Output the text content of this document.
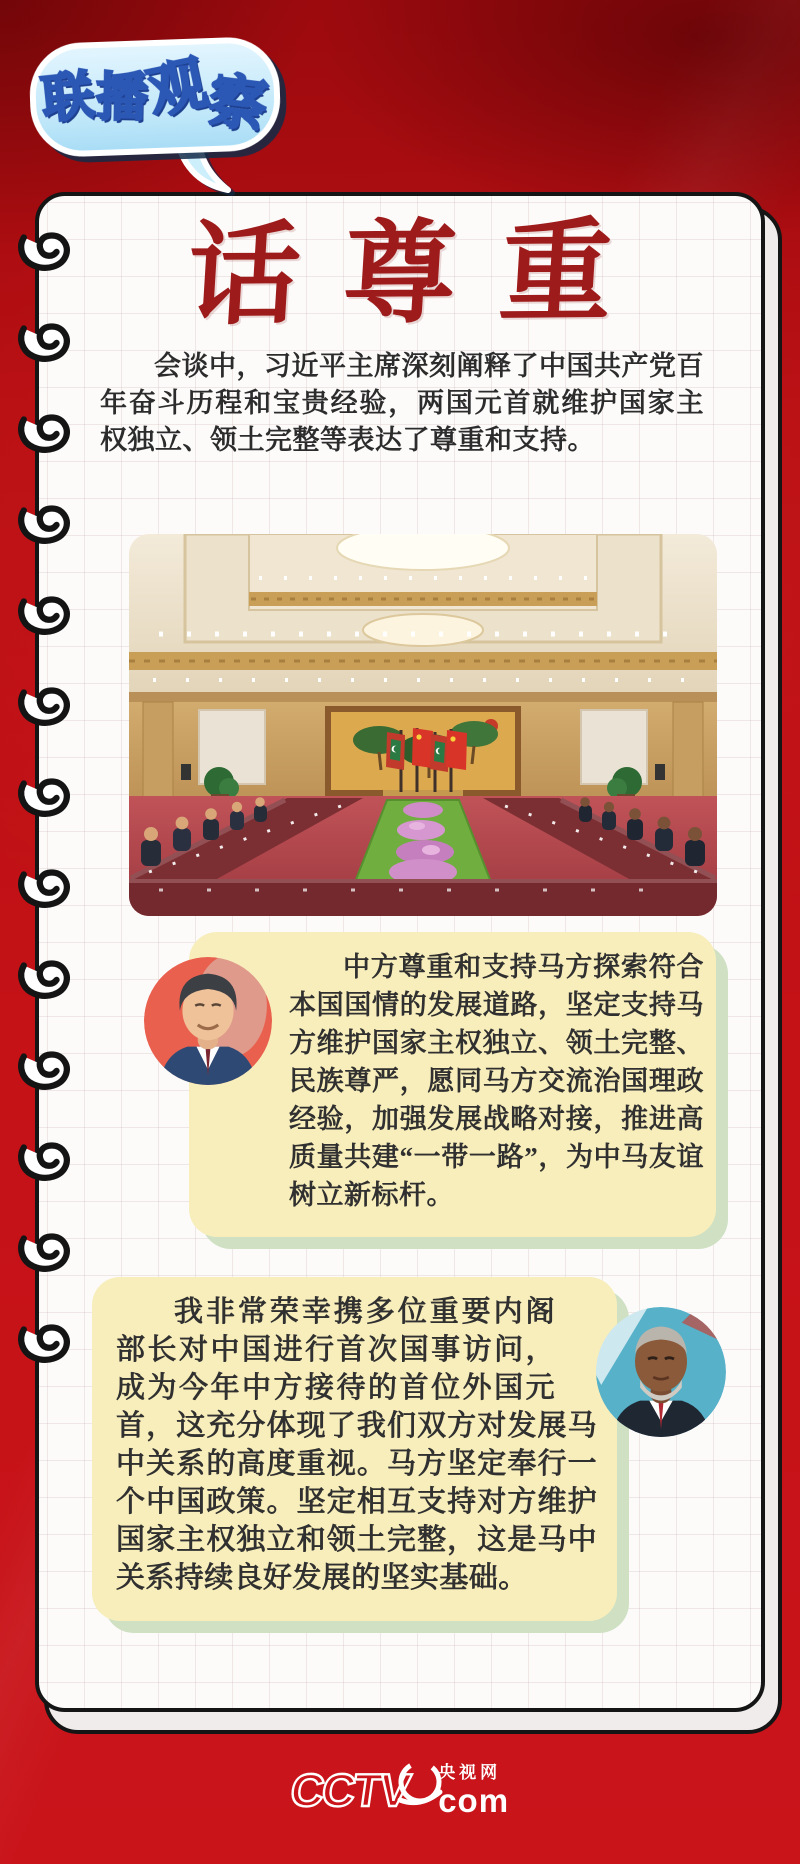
话尊重

会谈中，习近平主席深刻阐释了中国共产党百年奋斗历程和宝贵经验，两国元首就维护国家主权独立、领土完整等表达了尊重和支持。

中方尊重和支持马方探索符合本国国情的发展道路，坚定支持马方维护国家主权独立、领土完整、民族尊严，愿同马方交流治国理政经验，加强发展战略对接，推进高质量共建“一带一路”，为中马友谊树立新标杆。

我非常荣幸携多位重要内阁部长对中国进行首次国事访问，成为今年中方接待的首位外国元首，这充分体现了我们双方对发展马中关系的高度重视。马方坚定奉行一个中国政策。坚定相互支持对方维护国家主权独立和领土完整，这是马中关系持续良好发展的坚实基础。

联
播
观
察
CCTV 央视网
com
